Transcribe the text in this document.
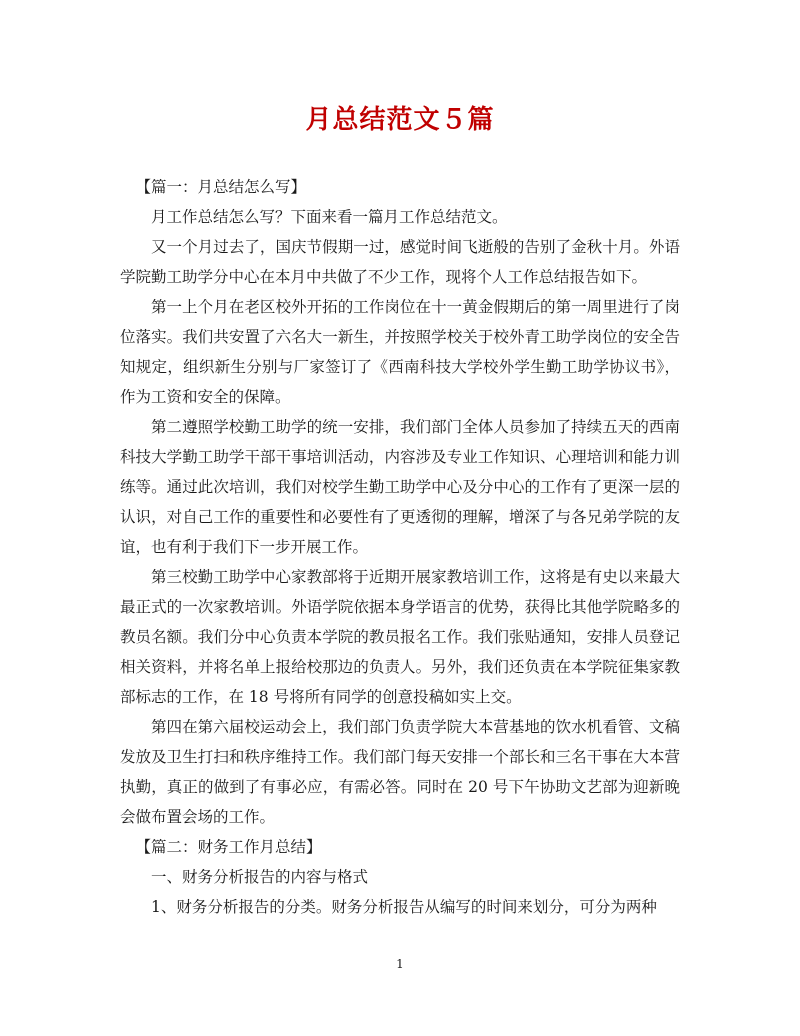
月总结范文５篇

【篇一：月总结怎么写】

月工作总结怎么写？下面来看一篇月工作总结范文。

又一个月过去了，国庆节假期一过，感觉时间飞逝般的告别了金秋十月。外语学院勤工助学分中心在本月中共做了不少工作，现将个人工作总结报告如下。

第一上个月在老区校外开拓的工作岗位在十一黄金假期后的第一周里进行了岗位落实。我们共安置了六名大一新生，并按照学校关于校外青工助学岗位的安全告知规定，组织新生分别与厂家签订了《西南科技大学校外学生勤工助学协议书》，作为工资和安全的保障。

第二遵照学校勤工助学的统一安排，我们部门全体人员参加了持续五天的西南科技大学勤工助学干部干事培训活动，内容涉及专业工作知识、心理培训和能力训练等。通过此次培训，我们对校学生勤工助学中心及分中心的工作有了更深一层的认识，对自己工作的重要性和必要性有了更透彻的理解，增深了与各兄弟学院的友谊，也有利于我们下一步开展工作。

第三校勤工助学中心家教部将于近期开展家教培训工作，这将是有史以来最大最正式的一次家教培训。外语学院依据本身学语言的优势，获得比其他学院略多的教员名额。我们分中心负责本学院的教员报名工作。我们张贴通知，安排人员登记相关资料，并将名单上报给校那边的负责人。另外，我们还负责在本学院征集家教部标志的工作，在 18 号将所有同学的创意投稿如实上交。

第四在第六届校运动会上，我们部门负责学院大本营基地的饮水机看管、文稿发放及卫生打扫和秩序维持工作。我们部门每天安排一个部长和三名干事在大本营执勤，真正的做到了有事必应，有需必答。同时在 20 号下午协助文艺部为迎新晚会做布置会场的工作。

【篇二：财务工作月总结】

一、财务分析报告的内容与格式

1、财务分析报告的分类。财务分析报告从编写的时间来划分，可分为两种

1
